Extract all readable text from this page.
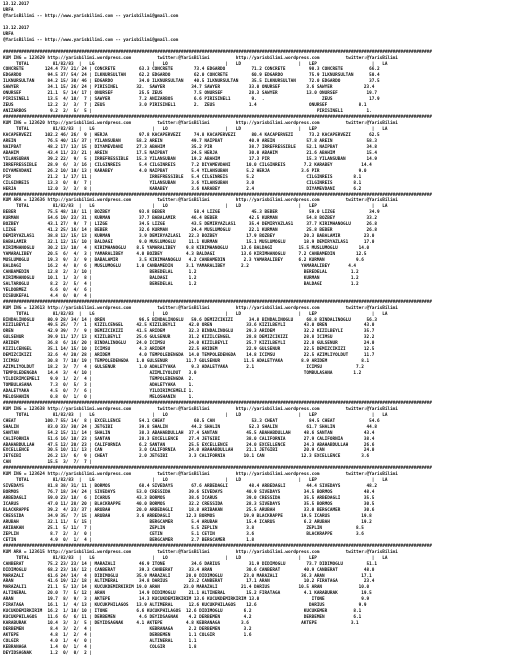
13.12.2017
URFA
@YarisBilimi -- http://www.yarisbilimi.com -- yarisbilimi@gmail.com

13.12.2017
URFA
@YarisBilimi -- http://www.yarisbilimi.com -- yarisbilimi@gmail.com

####################################################################################################################################################################
KUM ING = 123629 http://yarisbilimi.wordpress.com          twitter:@YarisBilimi          http://yarisbilimi.wordpress.com          twitter:@YarisBilimi
TOTAL         81/82/83  |   LG                      |   LO                      |   LD                      |   LEP                     |   LA
CONCRETE        124.4 73/ 21/ 24 | CONCRETE         63.3 CONCRETE        73.4 EDGARDO          71.2 CONCRETE         90.3 CONCRETE          66.2
EDGARDO          94.5 37/ 54/ 24 | ILKNURSULTAN     62.2 EDGARDO         62.0 CONCRETE         60.9 EDGARDO          75.9 ILKNURSULTAN      50.4
ILKNURSULTAN     84.2 15/ 30/ 46 | EDGARDO          34.0 ILKNURSULTAN    40.5 ILKNURSULTAN     35.5 ILKNURSULTAN     72.0 EDGARDO           37.5
SAWYER           34.1 15/ 26/ 24 | PIRISINEL       32.  SAWYER          34.7 SAWYER           33.0 ONURSEF          3.6 SAWYER            23.4
ONURSEF          21.1  5/ 14/ 17 | ONURSEF          25.5 ZEUS            7.5 ONURSEF          28.3 SAWYER           13.0 ONURSEF           19.7
PIRISINEL1       13.5  4/ 10/  7 | SAWYER           7.2 ANIZARBOS        6.6 PIRISINEL1        9.  .                      ZEUS              17.9
ZEUS             12.2  2/  3/  7 | ZEUS             3.0 PIRISINEL1       2.  ZEUS             1.4                    ONURSEF            8.1
ANIZARBOS         9.2  2/  5/  5 |                                                                                      PIRISINEL1         1.
####################################################################################################################################################################
KUM ING = 123620 http://yarisbilimi.wordpress.com          twitter:@YarisBilimi          http://yarisbilimi.wordpress.com          twitter:@YarisBilimi
TOTAL         81/82/83  |   LG                      |   LO                      |   LD                      |   LEP                     |   LA
KACAPERVEZI     102.2 46/ 26/  9 | HERJA            97.8 KACAPERVEZI     74.8 KACAPERVEZI      80.4 KACAPERVEZI      73.2 KACAPERVEZI       62.5
AREIN            76.5 40/ 15/ 37 | YILANSUBAN      58.2 AREIN           49.7 NAIPBAT          40.9 AREIN            57.8 AREIN             58.3
NAIPBAT          48.2 17/ 13/ 15 | DIYAMEVDANI     27.3 ABAHIM          35.2 PIR              38.7 IRREFRESSIBLE    52.1 NAIPBAT           34.8
ABAHIM           43.4 11/ 23/ 21 | AREIN           17.5 NAIPBAT         24.5 HERJA            30.0 ABAHIM           21.6 ABAHIM            15.4
YILANSUBAN       39.2 22/  9/  5 | IRREFRESSIBLE   15.3 YILANSUBAN      19.2 ABAHIM           17.3 PIR              15.3 YILANSUBAN        14.9
IRREFRESSIBLE    28.9  6/  3/ 16 | CILGINREIS       5.4 CILGINREIS      7.2 DIYAMEVDANI      10.0 CILGINREIS       7.2 KARABEY           14.4
DIYAMEVDANI      26.2 10/ 10/ 13 | KARABEY          4.0 NAIPBAT         5.4 YILANSUBAN       5.2 HERJA            3.6 PIR               9.0
PIR              21.2  1/ 17/ 11 |                      IRREFRESSIBLE   5.4 CILGINREIS       5.2                    CILGINREIS        8.1
CILGINREIS       13.3  0/  0/  7 |                      YILANSUBAN      3.6 YILANSUBAN       3.0                    CILGINREIS        8.1
HERJA            12.0  3/  3/  8 |                      KARABEY         3.6 KARABEY          2.4                    DIYAMEVDANI       6.2
####################################################################################################################################################################
KUM ARA = 123636 http://yarisbilimi.wordpress.com          twitter:@YarisBilimi          http://yarisbilimi.wordpress.com          twitter:@YarisBilimi
TOTAL         81/82/83  |   LG                      |   LO                      |   LD                      |   LEP                     |   LA
BEBER            75.5 48/ 18/ 11 | BOZBEY           93.8 BEBER           58.4 LIZGE            45.3 BEBER            59.0 LIZGE             34.9
KURMAN           54.6 19/ 23/ 31 | KURMAN           37.7 BABALAMIR      46.4 BEBER            42.5 KURMAN           54.8 BOZBEY            33.2
BOZBEY           43.1 27/  9/  7 | LIZGE            34.5 LIZGE          43.5 DEMIRYAZLAS1     35.4 DEMIRYAZLAS1     37.7 KIRIMHANOGLU      26.8
LIZGE            41.2 25/ 16/ 14 | BEBER            32.6 KURMAN         24.4 MUSLUMOGLU       22.1 KURMAN           25.8 BEBER             26.8
DEMIRYAZLAS1     38.8 12/ 15/ 13 | KURMAN           3.9 DEMIRYAZLAS1   22.3 BOZBEY           17.9 BOZBEY           20.3 BABALAMIR         23.0
BABALAMIR        32.1 12/ 15/ 10 | BALDAGI          9.0 MUSLUMOGLU     11.1 KURMAN           15.1 MUSLUMOGLU       18.9 DEMIRYAZLAS1      17.0
KIRIMHANOGLU     30.2 13/ 10/  4 | KIRIMHANOGLU    8.5 YAMARALIBEY    9.8 KIRIMHANOGLU     13.6 BALDAGI          15.5 MUSLUMOGLU        14.0
YAMARALIBEY      20.5  6/  4/  3 | YAMARALIBEY     4.0 BOZBEY         4.3 BALDAGI          13.6 KIRIMHANOGLU     7.2 CANBAMEDIN        12.5
MUSLUMOGLU       19.3  9/  3/  9 | BABALAMIR        3.5 KIRIMHANOGLU   4.2 CANBAMEDIN       2.3 YAMARALIBEY      6.2 KURMAN            9.6
BALDAGI          16.2  4/  8/  6 | MUSLUMOGLU      1.0 CANBAMEDIN     3.1 YAMARALIBEY      2.2                    YAMARALIBEY       4.4
CANBAMEDIN       12.8  2/  3/ 10 |                      BEREDELAL      1.2                                         BEREDELAL         1.2
KIRIMHANOGLU     10.1  1/  3/  8 |                      BALDAGI        1.2                                         KURMAN            1.2
SALTAROGLU        8.2  2/  5/  4 |                      BEREDELAL      1.2                                         BALDAGI           1.2
YELDOBMEZ         6.6  0/  4/  6 |
DISBUKEFAL        4.4  0/  0/  4 |
####################################################################################################################################################################
KUM ING = 123613 http://yarisbilimi.wordpress.com          twitter:@YarisBilimi          http://yarisbilimi.wordpress.com          twitter:@YarisBilimi
TOTAL         81/82/83  |   LG                      |   LO                      |   LD                      |   LEP                     |   LA
BINDALINOGLU     80.9 28/ 34/ 14 | OREN             96.5 BINDALINOGLU   59.6 DEMIZCIKIZI      34.8 BINDALINOGLU     68.8 BINDALINOGLU      56.3
KIZILBEYLI       49.5 25/  7/  1 | KIZILCENGEL     42.5 KIZILBEYLI     42.0 OREN             33.6 KIZILBEYLI       43.0 OREN              43.0
OREN             42.9 39/  7/  9 | DEMIZCIKIZI     41.5 ARIDEM         32.3 BINDALINOGLU     29.3 ARIDEM           32.2 KIZILBEYLI        35.7
GULSENUR         39.9 11/ 17/ 13 | KIZILBEYLI      25.6 GULSENUR       31.2 KIZILCENGEL      28.8 DEMIZCIKIZI      28.8 ICIMSU            32.2
ARIDEM           36.8  6/ 16/ 20 | BINDALINOGLU    24.0 ICIMSU         24.0 KIZILBEYLI       25.7 KIZILBEYLI       22.8 GULSENUR          24.0
KIZILCENGEL      35.1 14/ 15/ 10 | ICIMSU           4.3 ARIDEM         22.5 ARIDEM           22.9 GULSENUR         22.5 DEMIZCIKIZI       12.5
DEMIZCIKIZI      32.6  4/ 20/ 28 | ARIDEM           4.0 TEMPOLEDENGDA  14.0 TEMPOLEDENGDA    14.8 ICIMSU           22.5 AZIMLIYOLDUT      11.7
ICIMSU           30.8  7/ 10/ 19 | TEMPOLEDENGDA   1.0 GULSENUR       11.7 GULSENUR         11.5 ADALETYAKA       8.9 ARIDEM             8.1
AZIMLIYOLDUT     18.2  3/  7/  4 | GULSENUR         1.0 ADALETYAKA      9.3 ADALETYAKA       2.1                    ICIMSU             7.2
TEMPOLEDENGDA    14.4  3/  4/ 10 |                      AZIMLIYOLDUT   3.0                                         TOMBULASANA        1.2
YILDIRIMCEMELI    9.9  1/  2/  4 |                      TEMPOLEDENGDA  2.
TOMBULASANA       7.3  0/  5/  3 |                      ADALETYAKA     1.
ADALETYAKA        4.5  0/  7/  6 |                      YILDIRIMCEMELI 1.
MELOSHANIN        0.8  0/  1/  0 |                      MELOSHANIN     1.
####################################################################################################################################################################
KUM ING = 123638 http://yarisbilimi.wordpress.com          twitter:@YarisBilimi          http://yarisbilimi.wordpress.com          twitter:@YarisBilimi
TOTAL         81/82/83  |   LG                      |   LO                      |   LD                      |   LEP                     |   LA
CHEAT           100.7 55/ 14/  8 | EXCELLENCE       54.1 CHEAT           68.5 CAN              53.3 CHEAT            84.5 CHEAT             54.6
SHALIN           83.0 33/ 30/ 24 | JETGIBI          39.8 SHALIN         44.2 SHALIN           52.3 SHALIN           61.7 SHALIN            44.8
SANTAN           54.2 15/ 11/ 14 | SHALIN           38.3 ABAHABDULLAH  37.4 SANTAN           45.5 ABAHABDULLAH     48.6 SANTAN            43.4
CALIFORNIA       51.6 16/ 10/ 23 | SANTAN           28.3 EXCELLENCE    27.4 JETGIBI          38.0 CALIFORNIA       27.9 CALIFORNIA        38.4
ABAHABDULLAH     47.5 12/ 20/ 23 | CALIFORNIA       6.2 SANTAN         25.5 EXCELLENCE       24.0 EXCELLENCE       24.3 ABAHABDULLAH      26.6
EXCELLENCE       30.5 10/ 11/ 13 | CAN              3.0 CALIFORNIA     24.0 ABAHABDULLAH     21.1 JETGIBI          20.9 CAN               24.0
JETGIBI          26.2 13/  6/  9 | CHEAT            2.0 JETGIBI        3.3 CALIFORNIA       10.1 CAN              12.3 EXCELLENCE        3.6
CAN              15.5  3/  7/  7 |
####################################################################################################################################################################
KUM ING = 123624 http://yarisbilimi.wordpress.com          twitter:@YarisBilimi          http://yarisbilimi.wordpress.com          twitter:@YarisBilimi
TOTAL         81/82/83  |   LG                      |   LO                      |   LD                      |   LEP                     |   LA
SIVEDAYS         81.8 38/ 31/ 11 | BORMOS           68.4 SIVEDAYS       67.6 ARBEDAGLI        48.4 ARBEDAGLI        44.4 SIVEDAYS          48.2
BORMOS           76.7 18/ 34/ 24 | SIVEDAYS        53.0 CRESSIDA       39.6 SIVEDAYS         40.9 SIVEDAYS         34.5 BORMOS            48.4
ARBEDAGLI        59.0 23/ 18/  6 | ICARUS          43.3 BORMOS         38.6 ICARUS           39.0 CRESSIDA         35.5 ARBEDAGLI         35.5
ICARUS           47.0 11/ 28/ 20 | BLACKRAPPE      40.0 BORMOS         32.2 CRESSIDA         28.3 SIVEDAYS         35.5 BORMOS            30.5
BLACKRAPPE       39.2  4/ 23/ 37 | ARUBAH          20.0 ARBEDAGLI      18.8 ARIBAKAN         25.5 ARUBAH           33.0 BERGCAMER         30.6
CRESSIDA         34.9 35/  7/ 15 | ARUBAH          3.6 ARBEDAGLI      12.3 BORMOS           19.9 BLACKRAPPE       19.5 ICARUS            19.8
ARUBAH           32.1 11/  5/ 15 |                      BERGCAMER       5.4 ARUBAH           15.4 ICARUS           6.2 ARUBAH            19.2
ARIBAKAN         25.1  5/ 11/  7 |                      ZEPLIN          5.5 ZEPLIN           3.8                    ZEPLIN             8.5
ZEPLIN            8.7  2/  3/  0 |                      CETIN           5.1 CETIN            3.6                    BLACKRAPPE         3.6
CETIN             4.9  0/  1/  4 |                      BERGCAMER       2.7 BERGCAMER        1.8
####################################################################################################################################################################
KUM ARA = 123615 http://yarisbilimi.wordpress.com          twitter:@YarisBilimi          http://yarisbilimi.wordpress.com          twitter:@YarisBilimi
TOTAL         81/82/83  |   LG                      |   LO                      |   LD                      |   LEP                     |   LA
CANBERAT         75.2 23/ 23/ 14 | MARAZALI         46.9 ITONE          34.6 DARIUS           31.9 DIDIMOGLU        73.7 DIDIMOGLU         51.1
DIDIMOGLU        68.2 23/ 16/ 12 | CANBERAT         39.3 CANBERAT      33.4 ARAN             30.6 CANBERAT         40.9 CANBERAT          48.0
MARAZALI         61.6 24/ 14/  4 | DIDIMOGLU       35.9 MARAZALI      28.0 DIDIMOGLU        23.0 MARAZALI         36.3 ARAN              17.1
ARAN             41.6 19/ 12/ 18 | ALTIMERAL        34.8 DARIUS        23.2 CANBERAT         17.1 ARAN             10.2 FIRATAGA          23.4
MARAZALI1        21.1  5/ 13/ 14 | KUCUKDEMIRKIRIM 19.0 ARAN         23.0 MARAZALI         21.4 DARIUS           10.5 ARAN              10.0
ALTINERAL        20.0  7/  5/ 12 | ARAN             14.9 DIDIMOGLU     21.1 ALTINERAL        15.2 FIRATAGA         4.1 KARABURAK         19.5
ARAN             19.7  8/  9/  3 | AKTEPE           14.3 KUCUKDEMIRKIRIM 13.6 KUCUKDEMIRKIRIM 13.0                    ITONE              9.9
FIRATAGA         16.1  1/  4/ 13 | KUCUKPHILAGOS   13.9 ALTIMERAL      12.6 KUCUKPHILAGOS    12.6                    DARIUS             9.9
KUCUKDEMIRKIRIM  16.2  1/ 10/ 10 | ITONE           6.6 KUCUKPHILAGOS  12.6 DIDIMOGLU        6.2                    KUCUKEMER          8.1
KUCUKPHILAGOS    11.6  6/  6/ 11 | DERBEMEN         4.6 DEYIDSAGNAK    4.2 DERBEMEN         4.2                    DERBEMEN           6.1
KARABURAK        10.4  3/  3/  5 | DEYIDSAGNAK     4.1 AKTEPE         4.8 KEBRANAGA        3.6                    AKTEPE             3.1
DERBEMEN          8.4  3/  2/  4 |                      KEBRANAGA      2.2 DERBEMEN         3.2
AKTEPE            4.8  1/  2/  4 |                      DERBEMEN       1.1 COLGIR           1.6
COLGIR            4.0  1/  4/  0 |                      ALTINERAL      1.1
KEBRANAGA         1.4  0/  1/  4 |                      COLGIR         1.8
DEYIDSAGNAK       1.2  0/  0/  2 |
